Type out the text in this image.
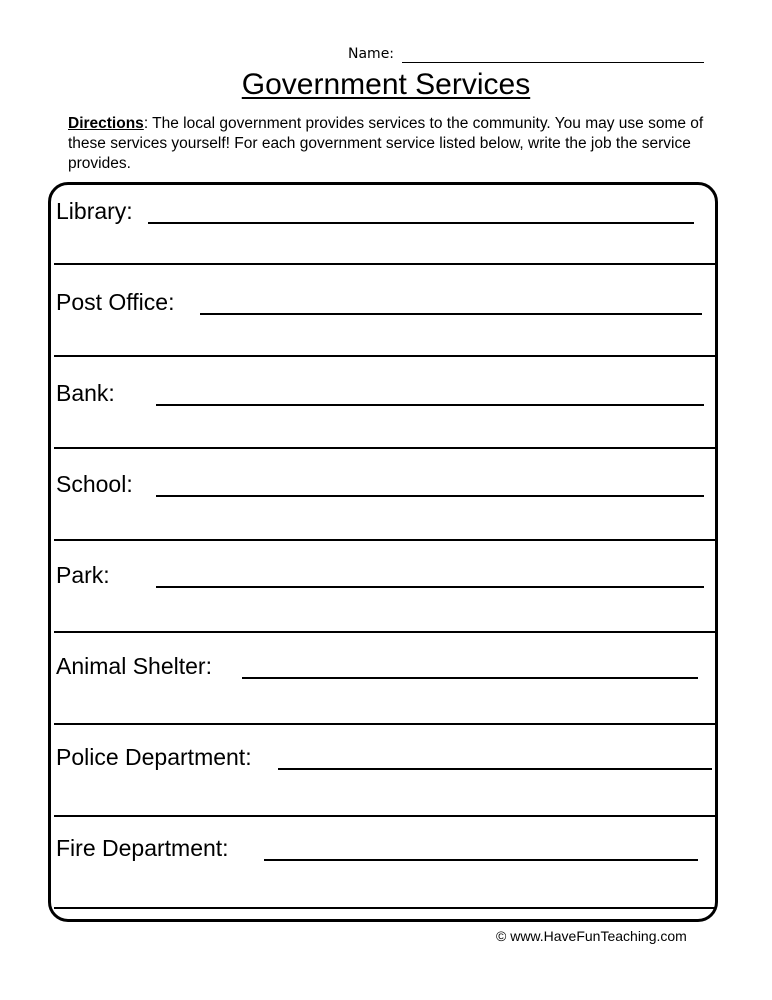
Name:
Government Services
Directions: The local government provides services to the community. You may use some of these services yourself! For each government service listed below, write the job the service provides.
Library:
Post Office:
Bank:
School:
Park:
Animal Shelter:
Police Department:
Fire Department:
© www.HaveFunTeaching.com
